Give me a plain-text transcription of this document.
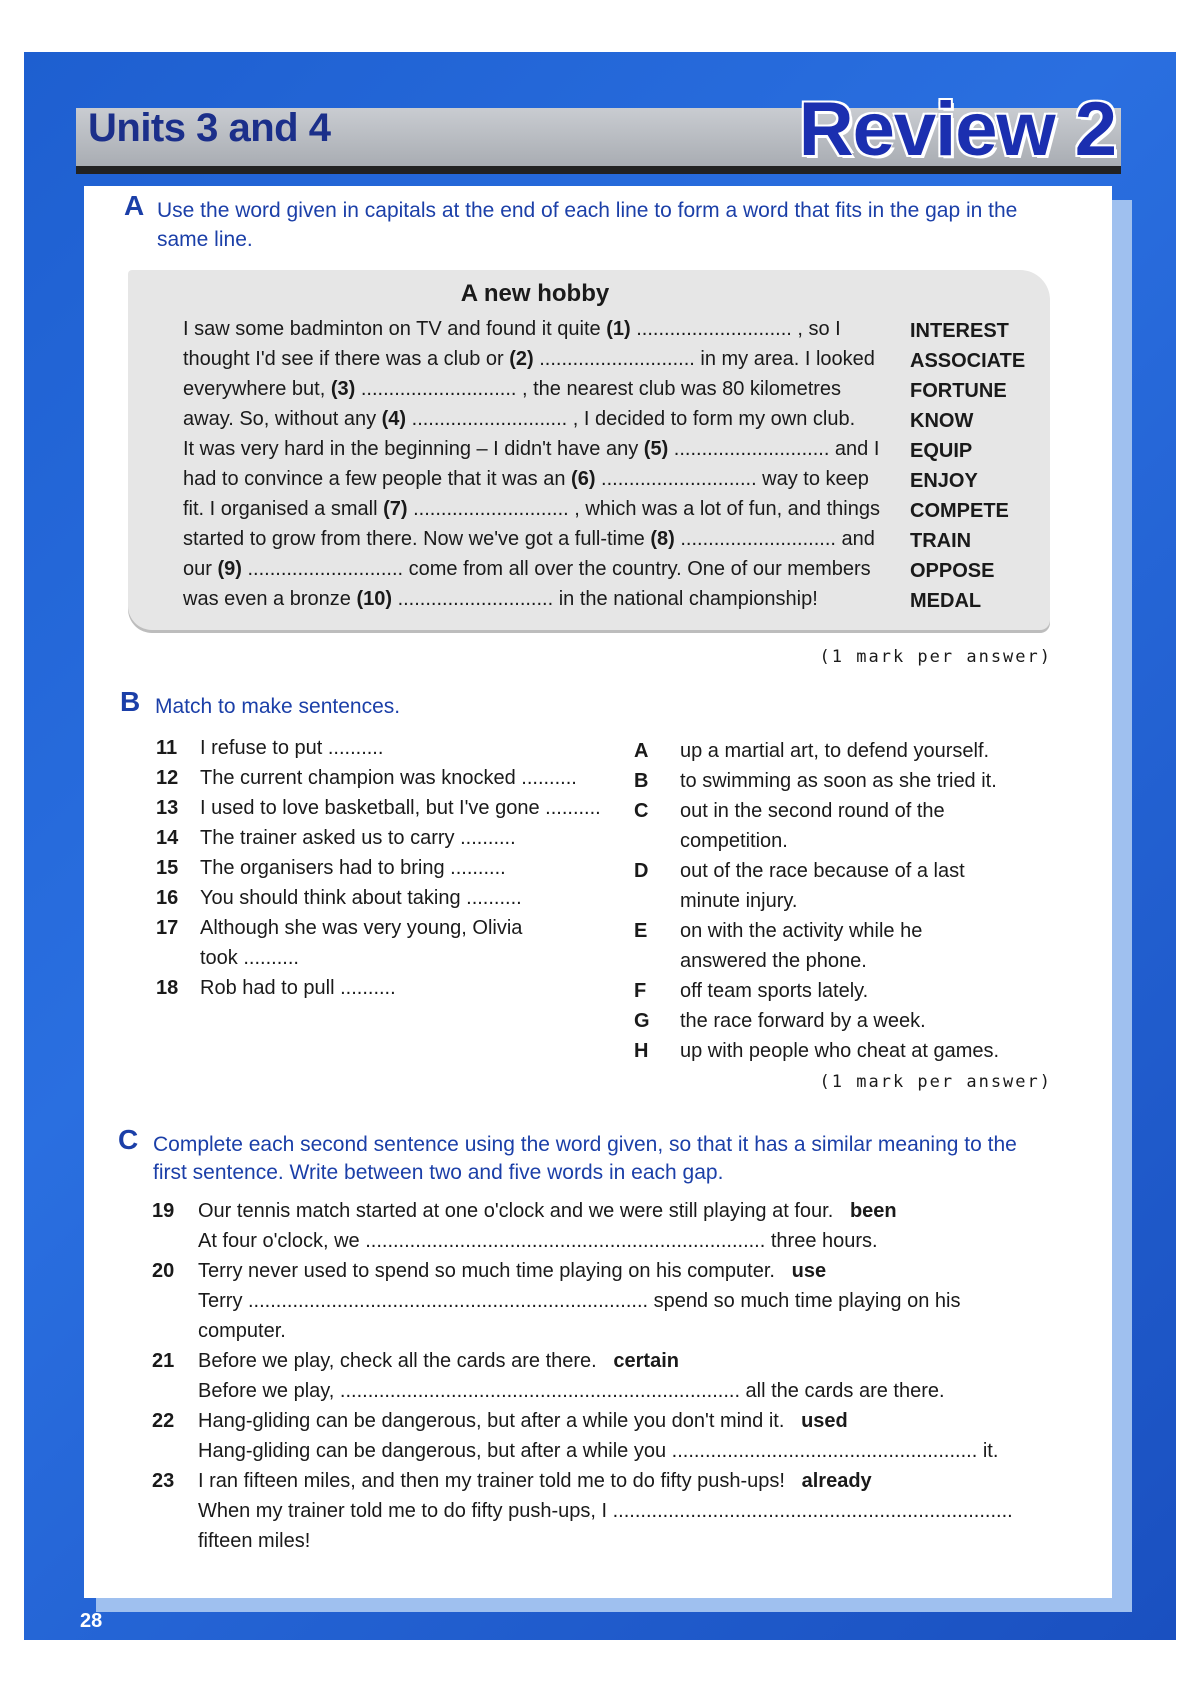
Units 3 and 4	Review 2
A Use the word given in capitals at the end of each line to form a word that fits in the gap in the
same line.
A new hobby
I saw some badminton on TV and found it quite (1) ............................ , so I
thought I'd see if there was a club or (2) ............................ in my area. I looked
everywhere but, (3) ............................ , the nearest club was 80 kilometres
away. So, without any (4) ............................ , I decided to form my own club.
It was very hard in the beginning – I didn't have any (5) ............................ and I
had to convince a few people that it was an (6) ............................ way to keep
fit. I organised a small (7) ............................ , which was a lot of fun, and things
started to grow from there. Now we've got a full-time (8) ............................ and
our (9) ............................ come from all over the country. One of our members
was even a bronze (10) ............................ in the national championship!
INTEREST
ASSOCIATE
FORTUNE
KNOW
EQUIP
ENJOY
COMPETE
TRAIN
OPPOSE
MEDAL
(1 mark per answer)
B Match to make sentences.
11 I refuse to put ..........
12 The current champion was knocked ..........
13 I used to love basketball, but I've gone ..........
14 The trainer asked us to carry ..........
15 The organisers had to bring ..........
16 You should think about taking ..........
17 Although she was very young, Olivia
took ..........
18 Rob had to pull ..........
A up a martial art, to defend yourself.
B to swimming as soon as she tried it.
C out in the second round of the
competition.
D out of the race because of a last
minute injury.
E on with the activity while he
answered the phone.
F off team sports lately.
G the race forward by a week.
H up with people who cheat at games.
(1 mark per answer)
C Complete each second sentence using the word given, so that it has a similar meaning to the
first sentence. Write between two and five words in each gap.
19 Our tennis match started at one o'clock and we were still playing at four. been
At four o'clock, we ........................................................................ three hours.
20 Terry never used to spend so much time playing on his computer. use
Terry ........................................................................ spend so much time playing on his
computer.
21 Before we play, check all the cards are there. certain
Before we play, ........................................................................ all the cards are there.
22 Hang-gliding can be dangerous, but after a while you don't mind it. used
Hang-gliding can be dangerous, but after a while you ....................................................... it.
23 I ran fifteen miles, and then my trainer told me to do fifty push-ups! already
When my trainer told me to do fifty push-ups, I ........................................................................
fifteen miles!
28
